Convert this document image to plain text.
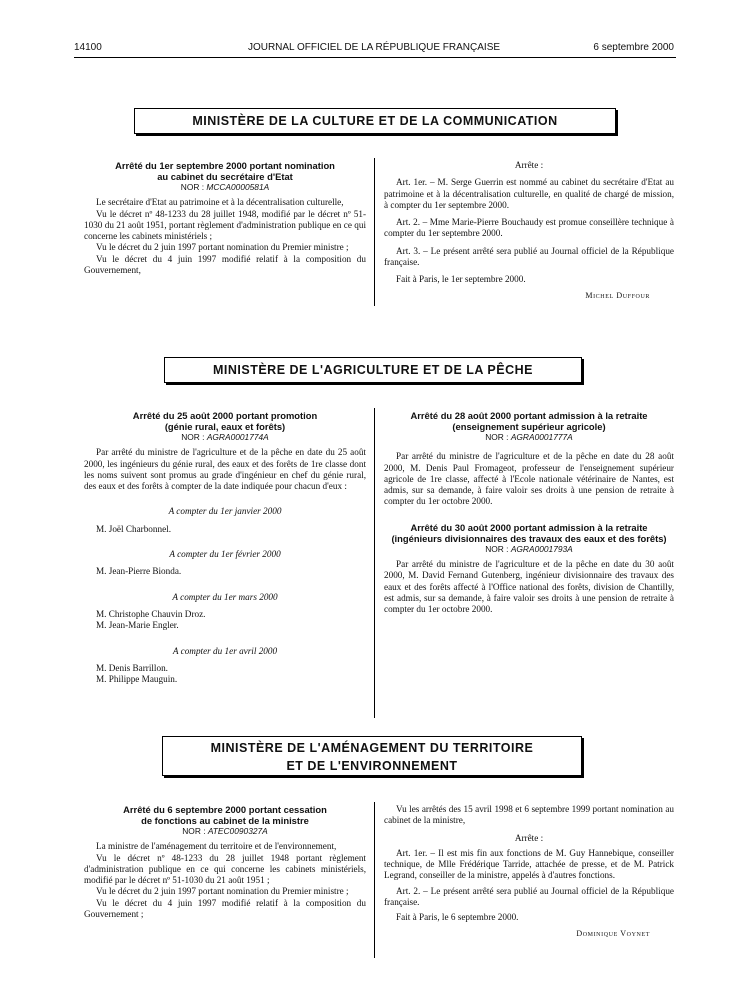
14100	JOURNAL OFFICIEL DE LA RÉPUBLIQUE FRANÇAISE	6 septembre 2000
MINISTÈRE DE LA CULTURE ET DE LA COMMUNICATION

Arrêté du 1er septembre 2000 portant nomination

au cabinet du secrétaire d'Etat

NOR : MCCA0000581A

Le secrétaire d'Etat au patrimoine et à la décentralisation culturelle,

Vu le décret nº 48-1233 du 28 juillet 1948, modifié par le décret nº 51-1030 du 21 août 1951, portant règlement d'administration publique en ce qui concerne les cabinets ministériels ;

Vu le décret du 2 juin 1997 portant nomination du Premier ministre ;

Vu le décret du 4 juin 1997 modifié relatif à la composition du Gouvernement,

Arrête :

Art. 1er. – M. Serge Guerrin est nommé au cabinet du secrétaire d'Etat au patrimoine et à la décentralisation culturelle, en qualité de chargé de mission, à compter du 1er septembre 2000.

Art. 2. – Mme Marie-Pierre Bouchaudy est promue conseillère technique à compter du 1er septembre 2000.

Art. 3. – Le présent arrêté sera publié au Journal officiel de la République française.

Fait à Paris, le 1er septembre 2000.

Michel Duffour

MINISTÈRE DE L'AGRICULTURE ET DE LA PÊCHE

Arrêté du 25 août 2000 portant promotion

(génie rural, eaux et forêts)

NOR : AGRA0001774A

Par arrêté du ministre de l'agriculture et de la pêche en date du 25 août 2000, les ingénieurs du génie rural, des eaux et des forêts de 1re classe dont les noms suivent sont promus au grade d'ingénieur en chef du génie rural, des eaux et des forêts à compter de la date indiquée pour chacun d'eux :

A compter du 1er janvier 2000

M. Joël Charbonnel.

A compter du 1er février 2000

M. Jean-Pierre Bionda.

A compter du 1er mars 2000

M. Christophe Chauvin Droz.

M. Jean-Marie Engler.

A compter du 1er avril 2000

M. Denis Barrillon.

M. Philippe Mauguin.

Arrêté du 28 août 2000 portant admission à la retraite

(enseignement supérieur agricole)

NOR : AGRA0001777A

Par arrêté du ministre de l'agriculture et de la pêche en date du 28 août 2000, M. Denis Paul Fromageot, professeur de l'enseignement supérieur agricole de 1re classe, affecté à l'Ecole nationale vétérinaire de Nantes, est admis, sur sa demande, à faire valoir ses droits à une pension de retraite à compter du 1er octobre 2000.

Arrêté du 30 août 2000 portant admission à la retraite

(ingénieurs divisionnaires des travaux des eaux et des forêts)

NOR : AGRA0001793A

Par arrêté du ministre de l'agriculture et de la pêche en date du 30 août 2000, M. David Fernand Gutenberg, ingénieur divisionnaire des travaux des eaux et des forêts affecté à l'Office national des forêts, division de Chantilly, est admis, sur sa demande, à faire valoir ses droits à une pension de retraite à compter du 1er octobre 2000.

MINISTÈRE DE L'AMÉNAGEMENT DU TERRITOIRE
ET DE L'ENVIRONNEMENT

Arrêté du 6 septembre 2000 portant cessation

de fonctions au cabinet de la ministre

NOR : ATEC0090327A

La ministre de l'aménagement du territoire et de l'environnement,

Vu le décret nº 48-1233 du 28 juillet 1948 portant règlement d'administration publique en ce qui concerne les cabinets ministériels, modifié par le décret nº 51-1030 du 21 août 1951 ;

Vu le décret du 2 juin 1997 portant nomination du Premier ministre ;

Vu le décret du 4 juin 1997 modifié relatif à la composition du Gouvernement ;

Vu les arrêtés des 15 avril 1998 et 6 septembre 1999 portant nomination au cabinet de la ministre,

Arrête :

Art. 1er. – Il est mis fin aux fonctions de M. Guy Hannebique, conseiller technique, de Mlle Frédérique Tarride, attachée de presse, et de M. Patrick Legrand, conseiller de la ministre, appelés à d'autres fonctions.

Art. 2. – Le présent arrêté sera publié au Journal officiel de la République française.

Fait à Paris, le 6 septembre 2000.

Dominique Voynet
